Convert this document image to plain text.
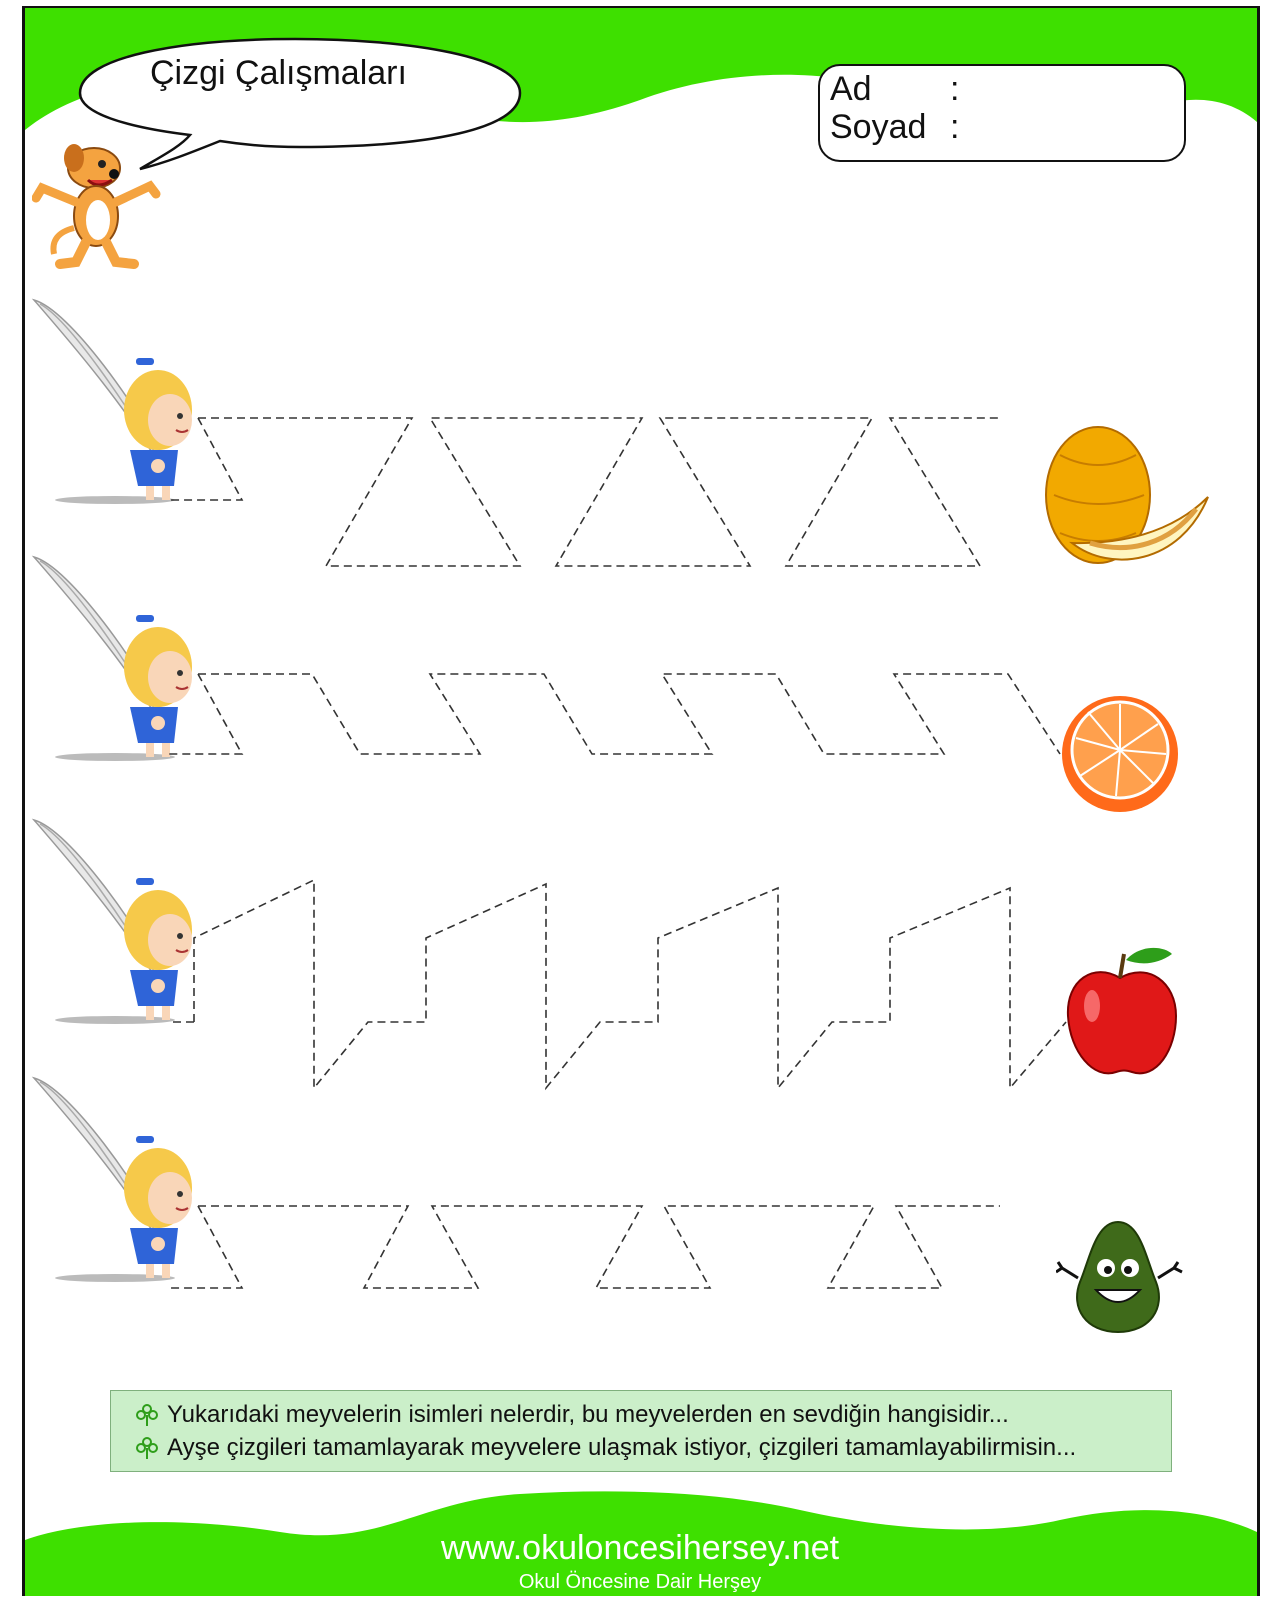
Çizgi Çalışmaları	Ad :
Soyad :
Yukarıdaki meyvelerin isimleri nelerdir, bu meyvelerden en sevdiğin hangisidir...
Ayşe çizgileri tamamlayarak meyvelere ulaşmak istiyor, çizgileri tamamlayabilirmisin...
www.okuloncesihersey.net
Okul Öncesine Dair Herşey
